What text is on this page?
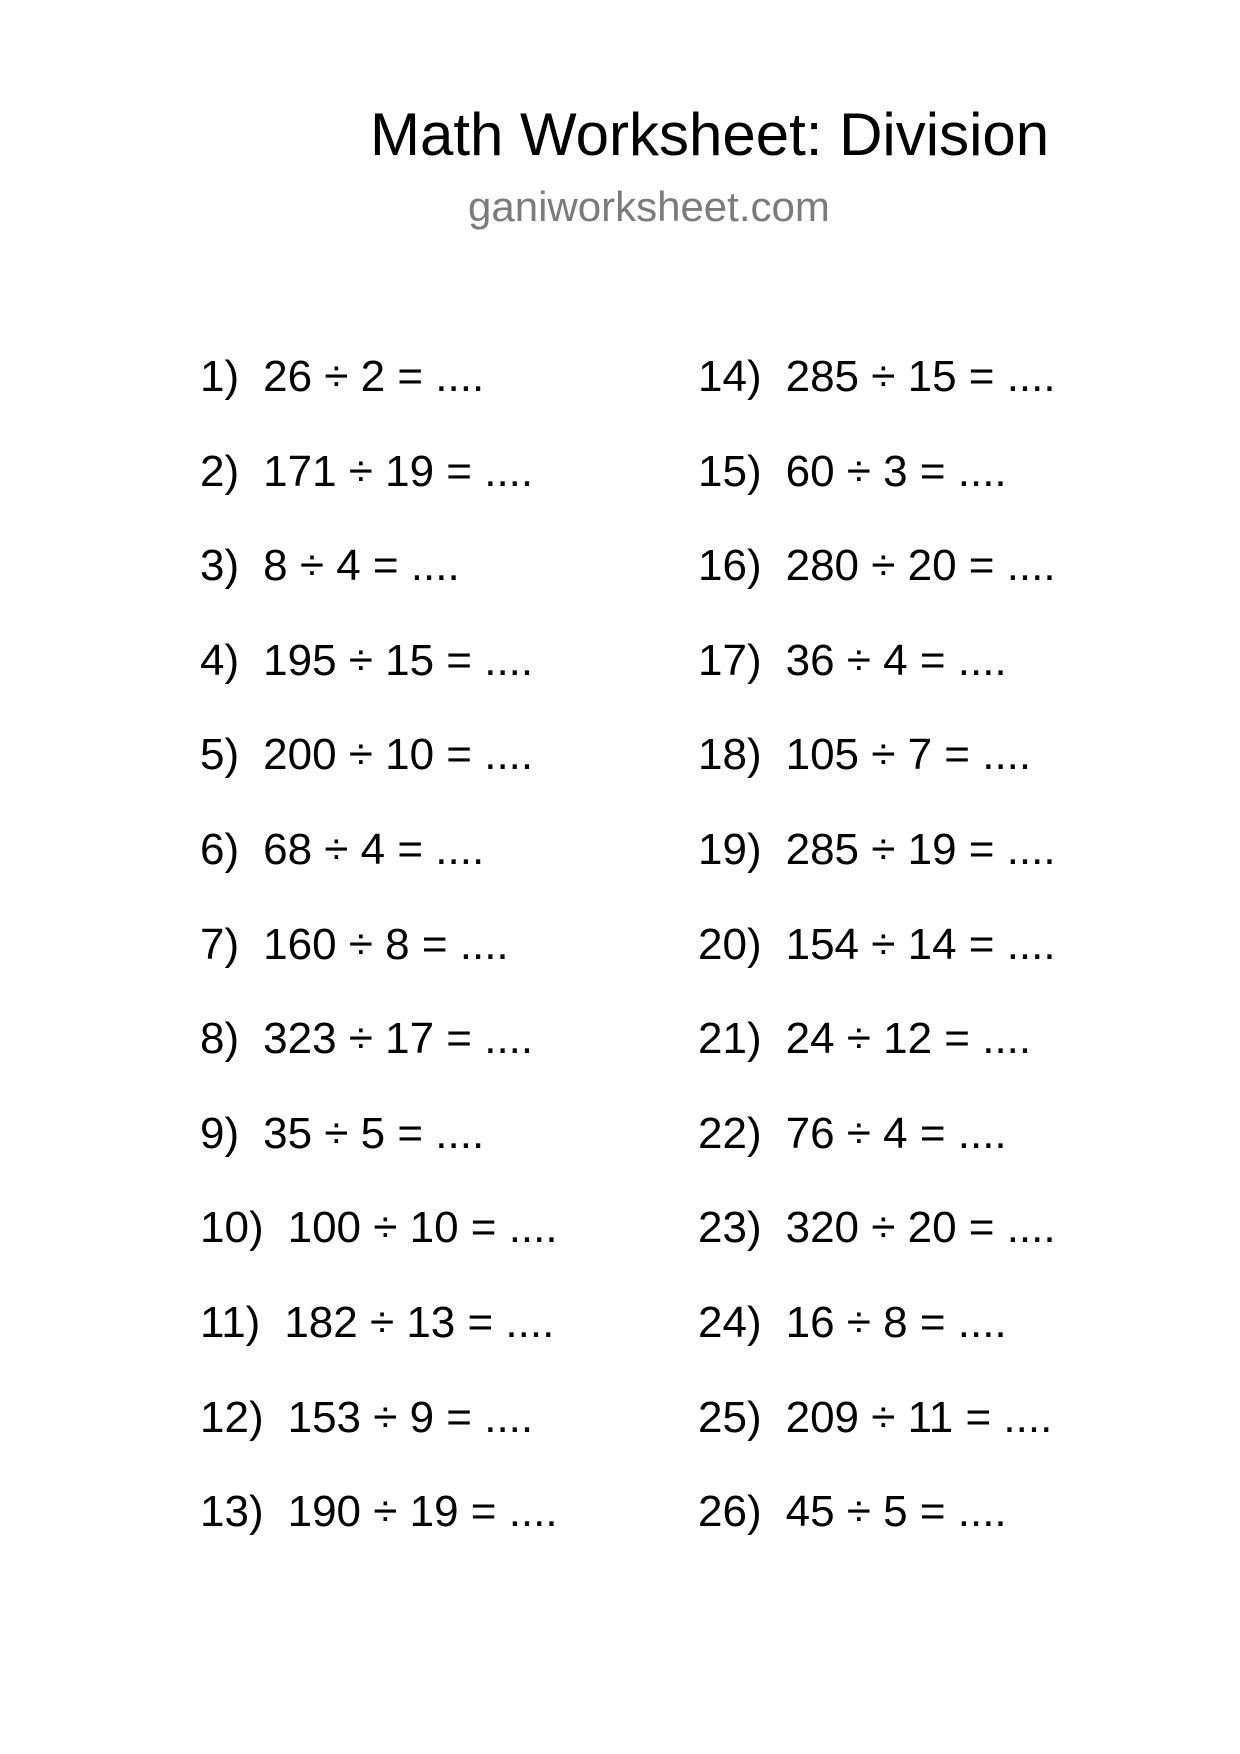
Math Worksheet: Division
ganiworksheet.com
1) 26 ÷ 2 = ....
2) 171 ÷ 19 = ....
3) 8 ÷ 4 = ....
4) 195 ÷ 15 = ....
5) 200 ÷ 10 = ....
6) 68 ÷ 4 = ....
7) 160 ÷ 8 = ....
8) 323 ÷ 17 = ....
9) 35 ÷ 5 = ....
10) 100 ÷ 10 = ....
11) 182 ÷ 13 = ....
12) 153 ÷ 9 = ....
13) 190 ÷ 19 = ....
14) 285 ÷ 15 = ....
15) 60 ÷ 3 = ....
16) 280 ÷ 20 = ....
17) 36 ÷ 4 = ....
18) 105 ÷ 7 = ....
19) 285 ÷ 19 = ....
20) 154 ÷ 14 = ....
21) 24 ÷ 12 = ....
22) 76 ÷ 4 = ....
23) 320 ÷ 20 = ....
24) 16 ÷ 8 = ....
25) 209 ÷ 11 = ....
26) 45 ÷ 5 = ....
